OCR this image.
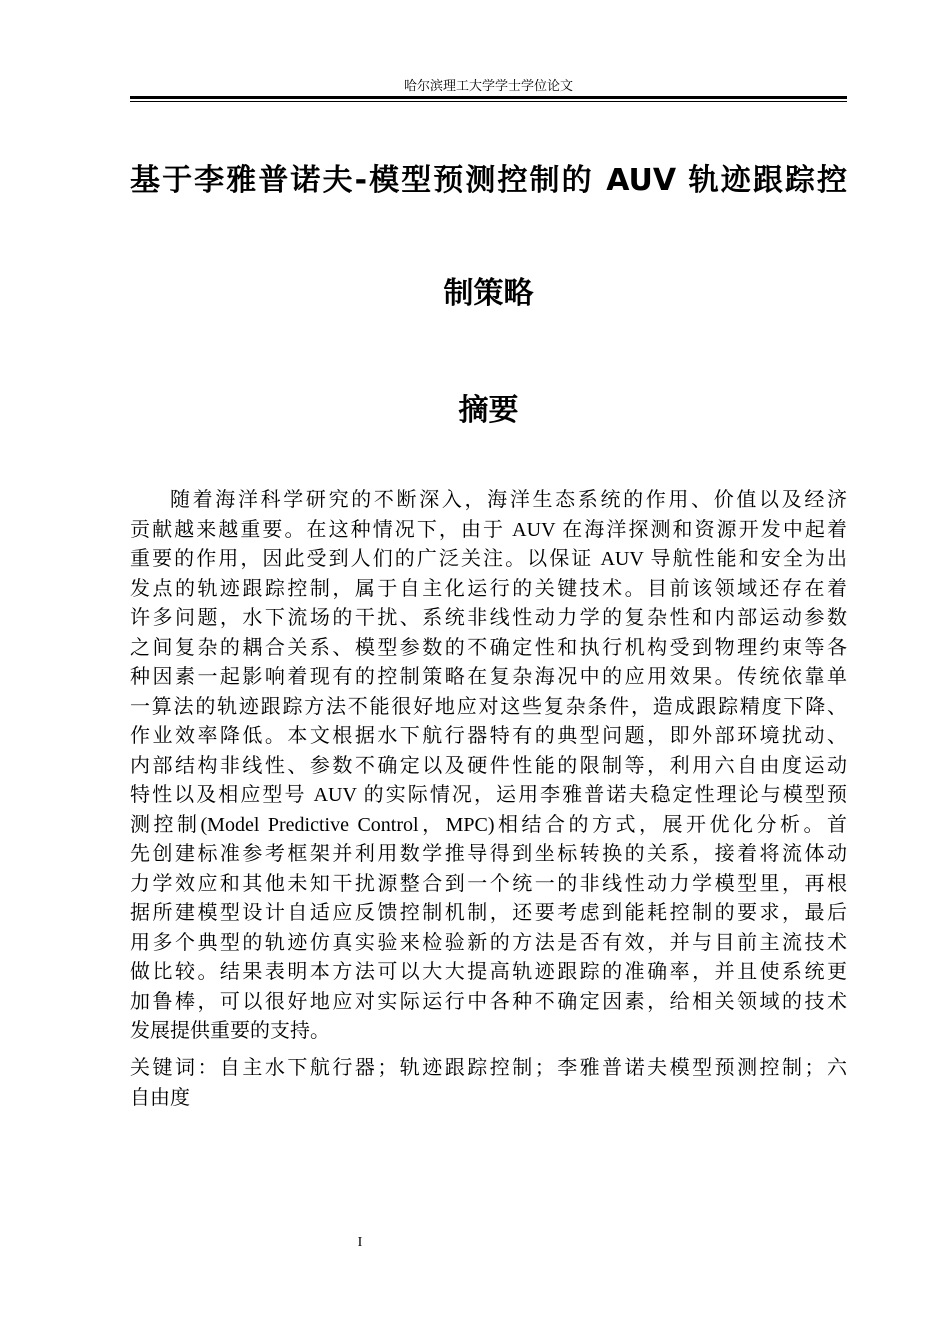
哈尔滨理工大学学士学位论文
基于李雅普诺夫-模型预测控制的 AUV 轨迹跟踪控
制策略
摘要
随着海洋科学研究的不断深入，海洋生态系统的作用、价值以及经济
贡献越来越重要。在这种情况下，由于 AUV 在海洋探测和资源开发中起着
重要的作用，因此受到人们的广泛关注。以保证 AUV 导航性能和安全为出
发点的轨迹跟踪控制，属于自主化运行的关键技术。目前该领域还存在着
许多问题，水下流场的干扰、系统非线性动力学的复杂性和内部运动参数
之间复杂的耦合关系、模型参数的不确定性和执行机构受到物理约束等各
种因素一起影响着现有的控制策略在复杂海况中的应用效果。传统依靠单
一算法的轨迹跟踪方法不能很好地应对这些复杂条件，造成跟踪精度下降、
作业效率降低。本文根据水下航行器特有的典型问题，即外部环境扰动、
内部结构非线性、参数不确定以及硬件性能的限制等，利用六自由度运动
特性以及相应型号 AUV 的实际情况，运用李雅普诺夫稳定性理论与模型预
测控制(Model Predictive Control，MPC)相结合的方式，展开优化分析。首
先创建标准参考框架并利用数学推导得到坐标转换的关系，接着将流体动
力学效应和其他未知干扰源整合到一个统一的非线性动力学模型里，再根
据所建模型设计自适应反馈控制机制，还要考虑到能耗控制的要求，最后
用多个典型的轨迹仿真实验来检验新的方法是否有效，并与目前主流技术
做比较。结果表明本方法可以大大提高轨迹跟踪的准确率，并且使系统更
加鲁棒，可以很好地应对实际运行中各种不确定因素，给相关领域的技术
发展提供重要的支持。
关键词：自主水下航行器；轨迹跟踪控制；李雅普诺夫模型预测控制；六
自由度
I
